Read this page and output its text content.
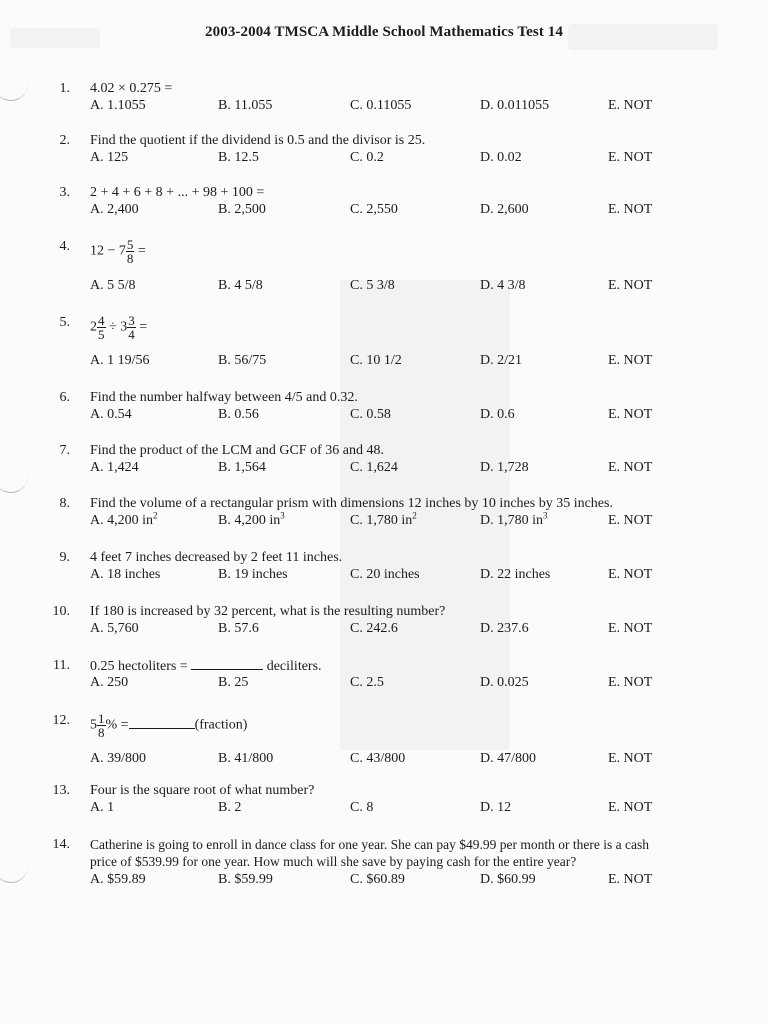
2003-2004 TMSCA Middle School Mathematics Test 14
1. 4.02 × 0.275 =
A. 1.1055	B. 11.055	C. 0.11055	D. 0.011055	E. NOT
2. Find the quotient if the dividend is 0.5 and the divisor is 25.
A. 125	B. 12.5	C. 0.2	D. 0.02	E. NOT
3. 2 + 4 + 6 + 8 + ... + 98 + 100 =
A. 2,400	B. 2,500	C. 2,550	D. 2,600	E. NOT
4. $12 - 7 \frac{5}{8}$ =
A. 5 5/8	B. 4 5/8	C. 5 3/8	D. 4 3/8	E. NOT
5. $2 \frac{4}{5} \div 3 \frac{3}{4}$ =
A. 1 19/56	B. 56/75	C. 10 1/2	D. 2/21	E. NOT
6. Find the number halfway between 4/5 and 0.32.
A. 0.54	B. 0.56	C. 0.58	D. 0.6	E. NOT
7. Find the product of the LCM and GCF of 36 and 48.
A. 1,424	B. 1,564	C. 1,624	D. 1,728	E. NOT
8. Find the volume of a rectangular prism with dimensions 12 inches by 10 inches by 35 inches.
A. 4,200 $in^2$	B. 4,200 $in^3$	C. 1,780 $in^2$	D. 1,780 $in^3$	E. NOT
9. 4 feet 7 inches decreased by 2 feet 11 inches.
A. 18 inches	B. 19 inches	C. 20 inches	D. 22 inches	E. NOT
10. If 180 is increased by 32 percent, what is the resulting number?
A. 5,760	B. 57.6	C. 242.6	D. 237.6	E. NOT
11. 0.25 hectoliters =	deciliters.
A. 250	B. 25	C. 2.5	D. 0.025	E. NOT
12. $5 \frac{1}{8}$ % =	(fraction)
A. 39/800	B. 41/800	C. 43/800	D. 47/800	E. NOT
13. Four is the square root of what number?
A. 1	B. 2	C. 8	D. 12	E. NOT
14. Catherine is going to enroll in dance class for one year. She can pay $49.99 per month or there is a cash
price of $539.99 for one year. How much will she save by paying cash for the entire year?
A. $59.89	B. $59.99	C. $60.89	D. $60.99	E. NOT
